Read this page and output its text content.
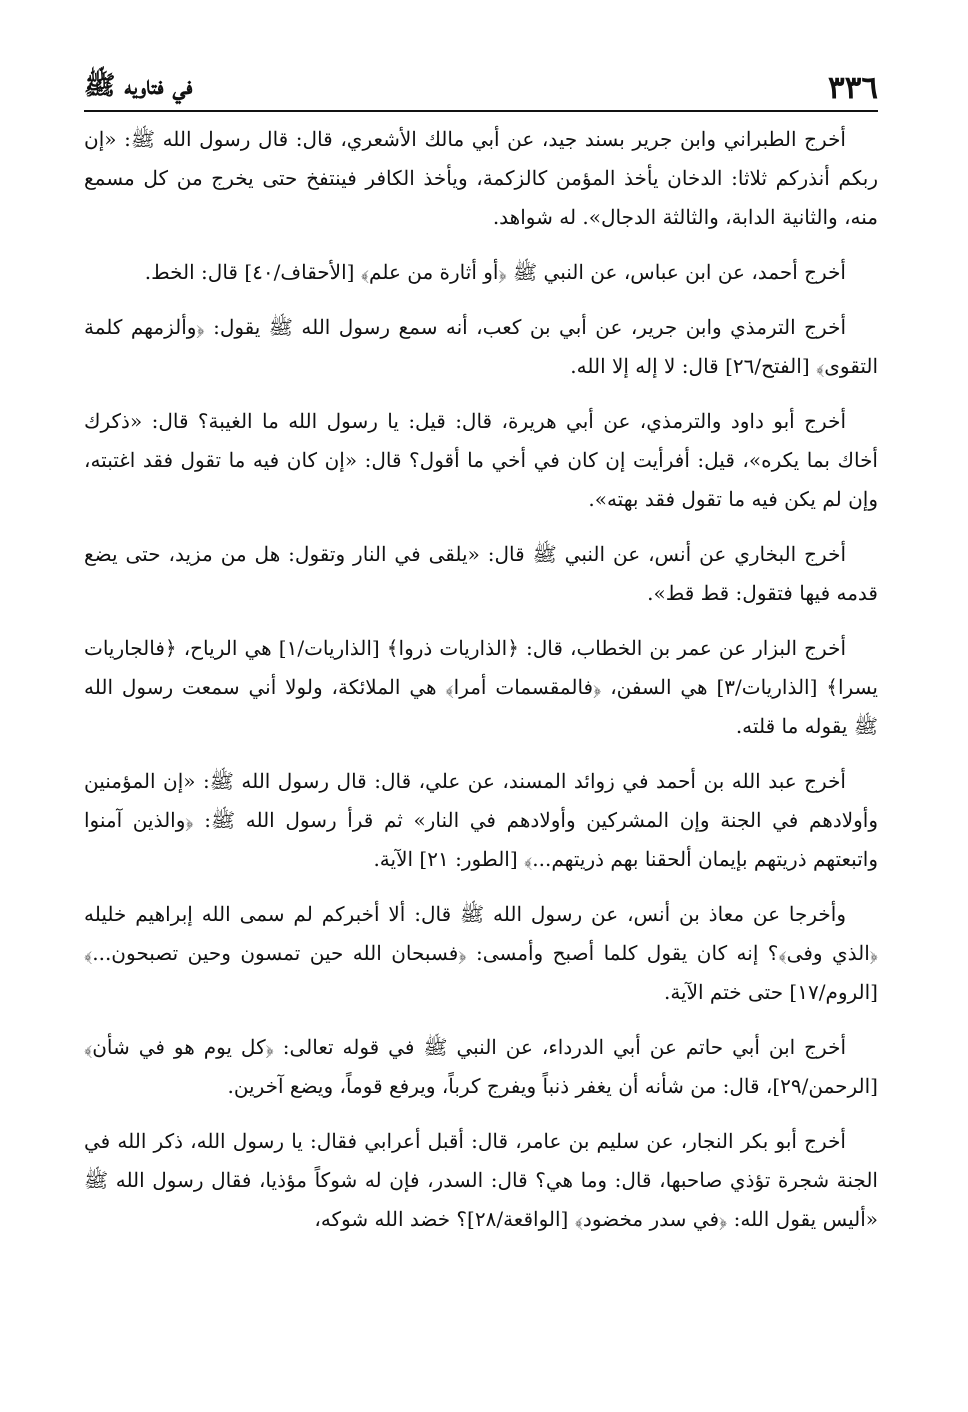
٣٣٦
في فتاويه ﷺ

أخرج الطبراني وابن جرير بسند جيد، عن أبي مالك الأشعري، قال: قال رسول الله ﷺ: «إن ربكم أنذركم ثلاثا: الدخان يأخذ المؤمن كالزكمة، ويأخذ الكافر فينتفخ حتى يخرج من كل مسمع منه، والثانية الدابة، والثالثة الدجال». له شواهد.

أخرج أحمد، عن ابن عباس، عن النبي ﷺ ﴿أو أثارة من علم﴾ [الأحقاف/٤٠] قال: الخط.

أخرج الترمذي وابن جرير، عن أبي بن كعب، أنه سمع رسول الله ﷺ يقول: ﴿وألزمهم كلمة التقوى﴾ [الفتح/٢٦] قال: لا إله إلا الله.

أخرج أبو داود والترمذي، عن أبي هريرة، قال: قيل: يا رسول الله ما الغيبة؟ قال: «ذكرك أخاك بما يكره»، قيل: أفرأيت إن كان في أخي ما أقول؟ قال: «إن كان فيه ما تقول فقد اغتبته، وإن لم يكن فيه ما تقول فقد بهته».

أخرج البخاري عن أنس، عن النبي ﷺ قال: «يلقى في النار وتقول: هل من مزيد، حتى يضع قدمه فيها فتقول: قط قط».

أخرج البزار عن عمر بن الخطاب، قال: ﴿الذاريات ذروا﴾ [الذاريات/١] هي الرياح، ﴿فالجاريات يسرا﴾ [الذاريات/٣] هي السفن، ﴿فالمقسمات أمرا﴾ هي الملائكة، ولولا أني سمعت رسول الله ﷺ يقوله ما قلته.

أخرج عبد الله بن أحمد في زوائد المسند، عن علي، قال: قال رسول الله ﷺ: «إن المؤمنين وأولادهم في الجنة وإن المشركين وأولادهم في النار» ثم قرأ رسول الله ﷺ: ﴿والذين آمنوا واتبعتهم ذريتهم بإيمان ألحقنا بهم ذريتهم...﴾ [الطور: ٢١] الآية.

وأخرجا عن معاذ بن أنس، عن رسول الله ﷺ قال: ألا أخبركم لم سمى الله إبراهيم خليله ﴿الذي وفى﴾؟ إنه كان يقول كلما أصبح وأمسى: ﴿فسبحان الله حين تمسون وحين تصبحون...﴾ [الروم/١٧] حتى ختم الآية.

أخرج ابن أبي حاتم عن أبي الدرداء، عن النبي ﷺ في قوله تعالى: ﴿كل يوم هو في شأن﴾ [الرحمن/٢٩]، قال: من شأنه أن يغفر ذنباً ويفرج كرباً، ويرفع قوماً، ويضع آخرين.

أخرج أبو بكر النجار، عن سليم بن عامر، قال: أقبل أعرابي فقال: يا رسول الله، ذكر الله في الجنة شجرة تؤذي صاحبها، قال: وما هي؟ قال: السدر، فإن له شوكاً مؤذيا، فقال رسول الله ﷺ «أليس يقول الله: ﴿في سدر مخضود﴾ [الواقعة/٢٨]؟ خضد الله شوكه،
